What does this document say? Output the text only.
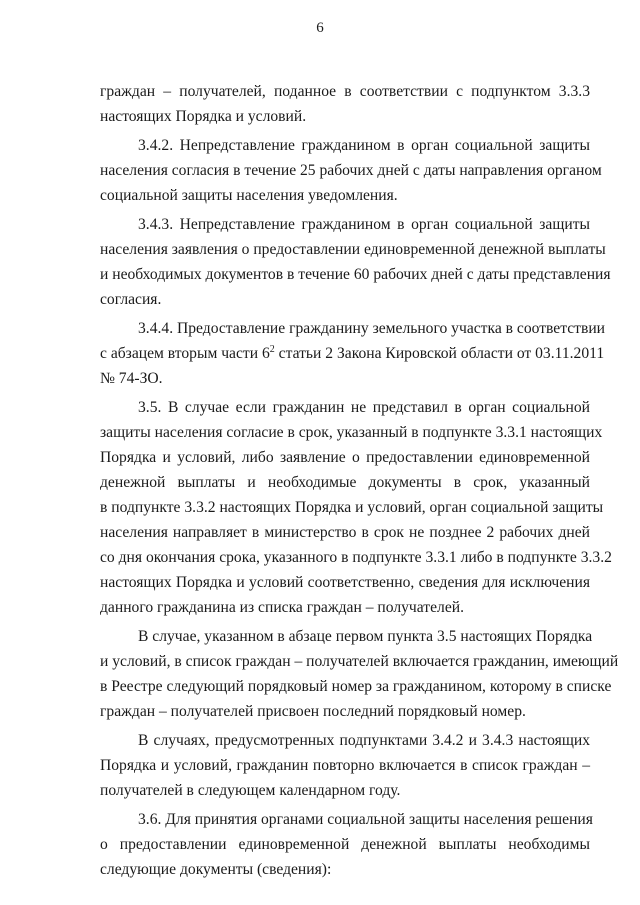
6
граждан – получателей, поданное в соответствии с подпунктом 3.3.3
настоящих Порядка и условий.
3.4.2. Непредставление гражданином в орган социальной защиты
населения согласия в течение 25 рабочих дней с даты направления органом
социальной защиты населения уведомления.
3.4.3. Непредставление гражданином в орган социальной защиты
населения заявления о предоставлении единовременной денежной выплаты
и необходимых документов в течение 60 рабочих дней с даты представления
согласия.
3.4.4. Предоставление гражданину земельного участка в соответствии
с абзацем вторым части $6^2$ статьи 2 Закона Кировской области от 03.11.2011
№ 74-ЗО.
3.5. В случае если гражданин не представил в орган социальной
защиты населения согласие в срок, указанный в подпункте 3.3.1 настоящих
Порядка и условий, либо заявление о предоставлении единовременной
денежной выплаты и необходимые документы в срок, указанный
в подпункте 3.3.2 настоящих Порядка и условий, орган социальной защиты
населения направляет в министерство в срок не позднее 2 рабочих дней
со дня окончания срока, указанного в подпункте 3.3.1 либо в подпункте 3.3.2
настоящих Порядка и условий соответственно, сведения для исключения
данного гражданина из списка граждан – получателей.
В случае, указанном в абзаце первом пункта 3.5 настоящих Порядка
и условий, в список граждан – получателей включается гражданин, имеющий
в Реестре следующий порядковый номер за гражданином, которому в списке
граждан – получателей присвоен последний порядковый номер.
В случаях, предусмотренных подпунктами 3.4.2 и 3.4.3 настоящих
Порядка и условий, гражданин повторно включается в список граждан –
получателей в следующем календарном году.
3.6. Для принятия органами социальной защиты населения решения
о предоставлении единовременной денежной выплаты необходимы
следующие документы (сведения):
